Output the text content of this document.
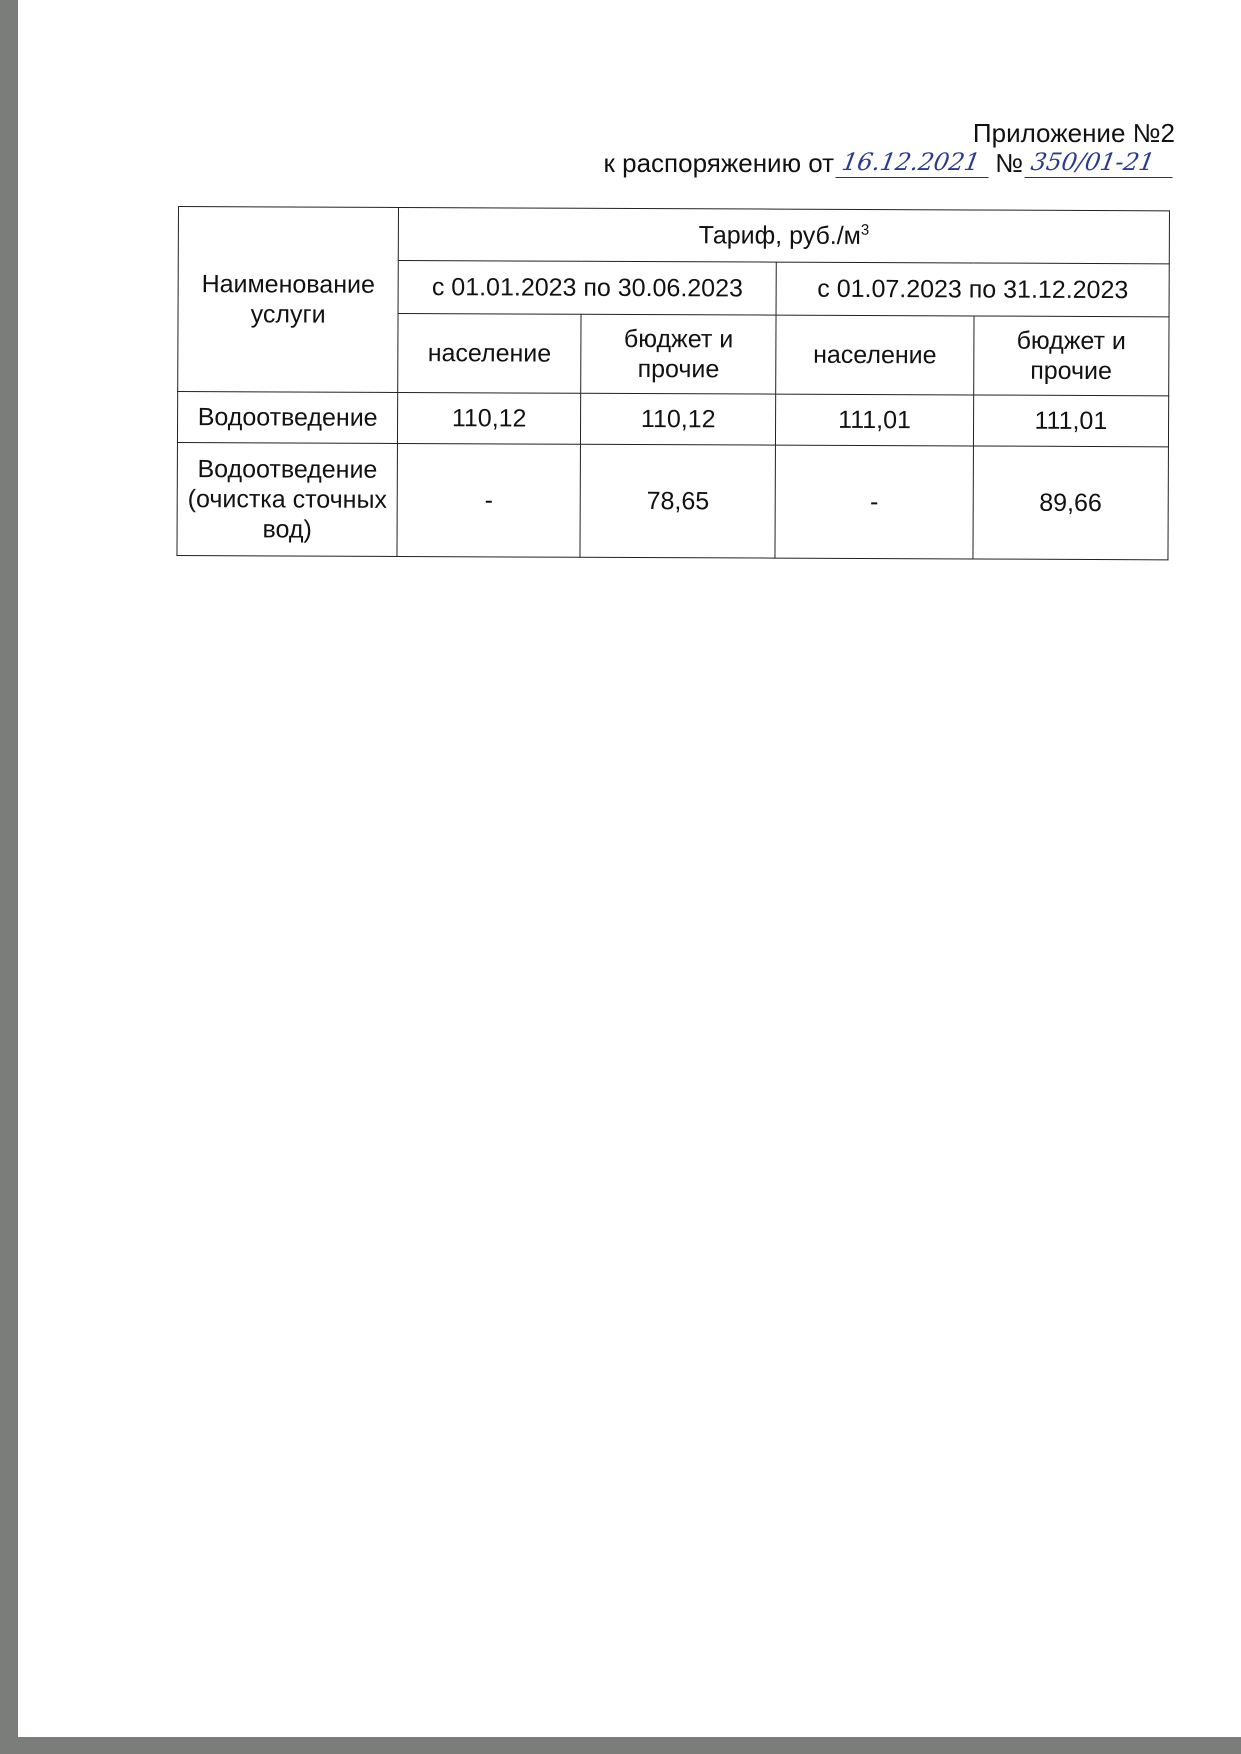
Приложение №2
к распоряжению от 16.12.2021 № 350/01-21
Наименование услуги	Тариф, $руб./м^3$
	с 01.01.2023 по 30.06.2023		с 01.07.2023 по 31.12.2023	
	население	бюджет и прочие	население	бюджет и прочие
Водоотведение	110,12	110,12	111,01	111,01
Водоотведение (очистка сточных вод)	-	78,65	-	89,66
